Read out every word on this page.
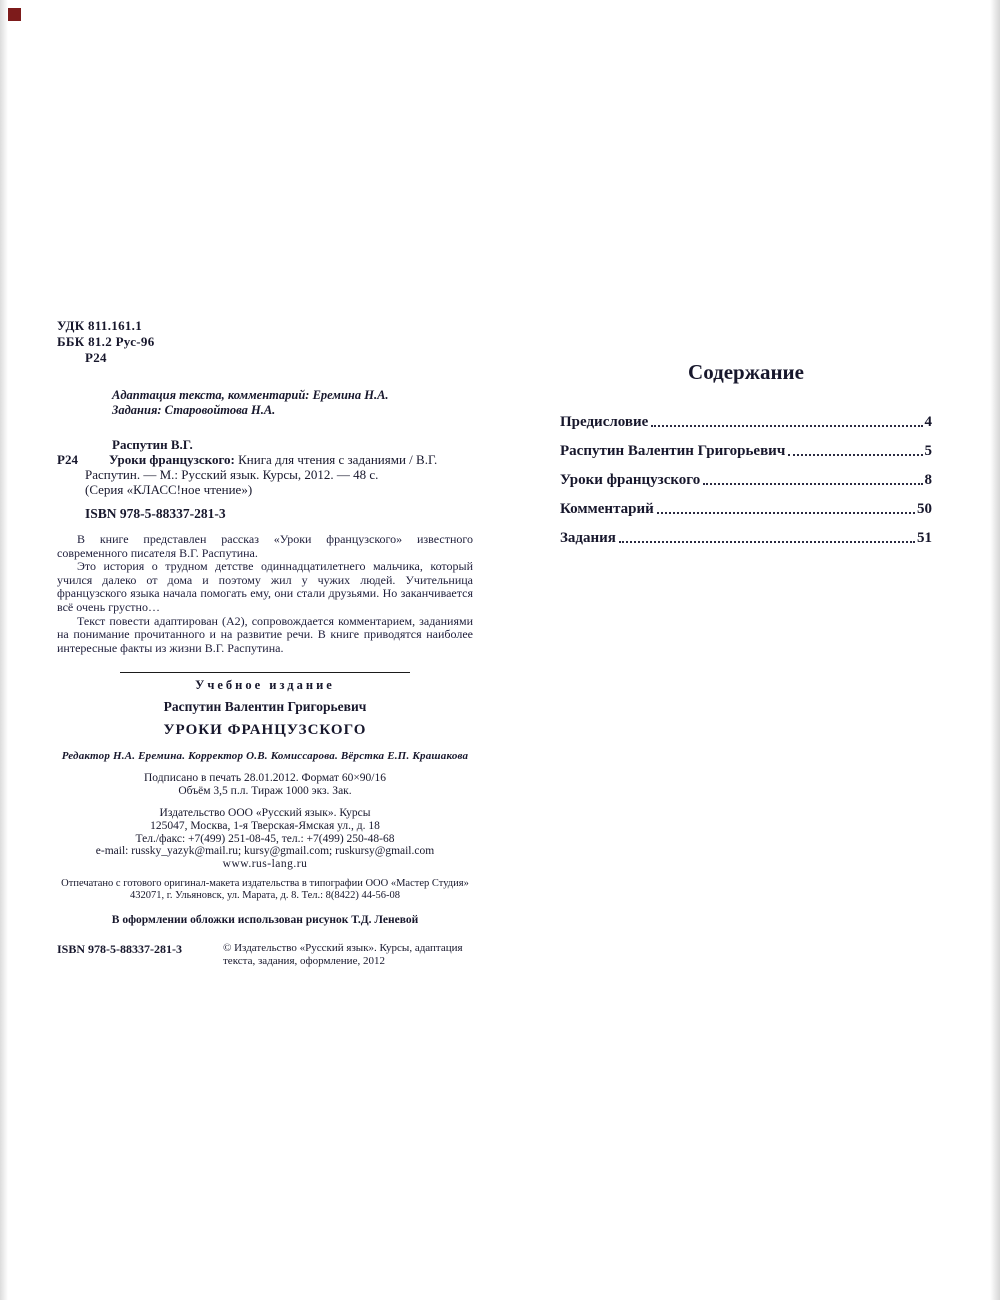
УДК 811.161.1
ББК 81.2 Рус-96
Р24
Адаптация текста, комментарий: Еремина Н.А.
Задания: Старовойтова Н.А.
Распутин В.Г.
Р24	Уроки французского: Книга для чтения с заданиями / В.Г. Распутин. — М.: Русский язык. Курсы, 2012. — 48 с.

(Серия «КЛАСС!ное чтение»)

ISBN 978-5-88337-281-3

В книге представлен рассказ «Уроки французского» известного современного писателя В.Г. Распутина.

Это история о трудном детстве одиннадцатилетнего мальчика, который учился далеко от дома и поэтому жил у чужих людей. Учительница французского языка начала помогать ему, они стали друзьями. Но заканчивается всё очень грустно…

Текст повести адаптирован (А2), сопровождается комментарием, заданиями на понимание прочитанного и на развитие речи. В книге приводятся наиболее интересные факты из жизни В.Г. Распутина.

Учебное издание
Распутин Валентин Григорьевич
УРОКИ ФРАНЦУЗСКОГО
Редактор Н.А. Еремина. Корректор О.В. Комиссарова. Вёрстка Е.П. Крашакова
Подписано в печать 28.01.2012. Формат 60×90/16
Объём 3,5 п.л. Тираж 1000 экз. Зак.
Издательство ООО «Русский язык». Курсы
125047, Москва, 1-я Тверская-Ямская ул., д. 18
Тел./факс: +7(499) 251-08-45, тел.: +7(499) 250-48-68
e-mail: russky_yazyk@mail.ru; kursy@gmail.com; ruskursy@gmail.com
www.rus-lang.ru
Отпечатано с готового оригинал-макета издательства в типографии ООО «Мастер Студия»
432071, г. Ульяновск, ул. Марата, д. 8. Тел.: 8(8422) 44-56-08
В оформлении обложки использован рисунок Т.Д. Леневой
ISBN 978-5-88337-281-3	© Издательство «Русский язык». Курсы, адаптация текста, задания, оформление, 2012
Содержание
Предисловие	4
Распутин Валентин Григорьевич	5
Уроки французского	8
Комментарий	50
Задания	51
